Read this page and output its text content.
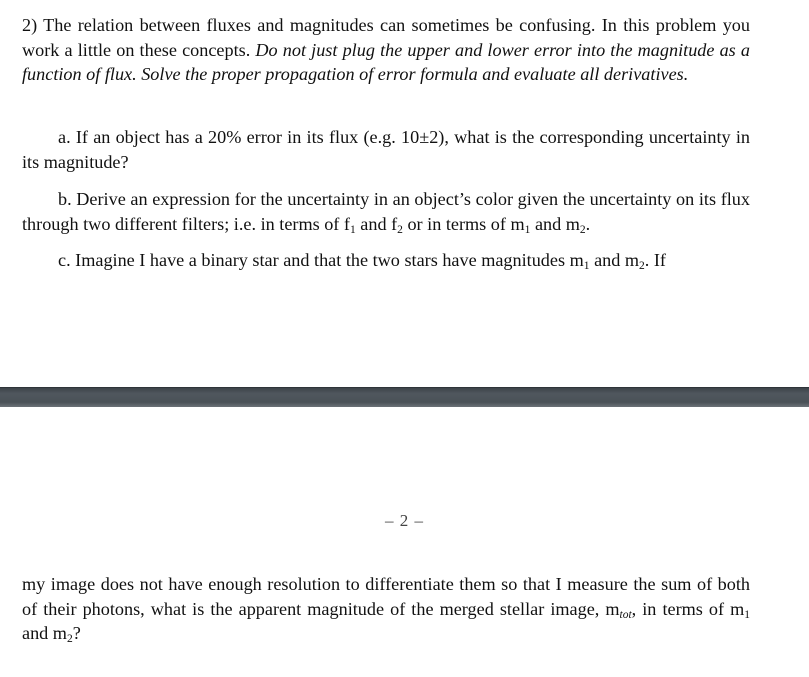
2) The relation between fluxes and magnitudes can sometimes be confusing. In this problem you work a little on these concepts. Do not just plug the upper and lower error into the magnitude as a function of flux. Solve the proper propagation of error formula and evaluate all derivatives.

a. If an object has a 20% error in its flux (e.g. 10±2), what is the corresponding uncertainty in its magnitude?

b. Derive an expression for the uncertainty in an object’s color given the uncertainty on its flux through two different filters; i.e. in terms of $f_1$ and $f_2$ or in terms of $m_1$ and $m_2$.

c. Imagine I have a binary star and that the two stars have magnitudes $m_1$ and $m_2$. If

– 2 –

my image does not have enough resolution to differentiate them so that I measure the sum of both of their photons, what is the apparent magnitude of the merged stellar image, mtot, in terms of $m_1$ and $m_2$?
